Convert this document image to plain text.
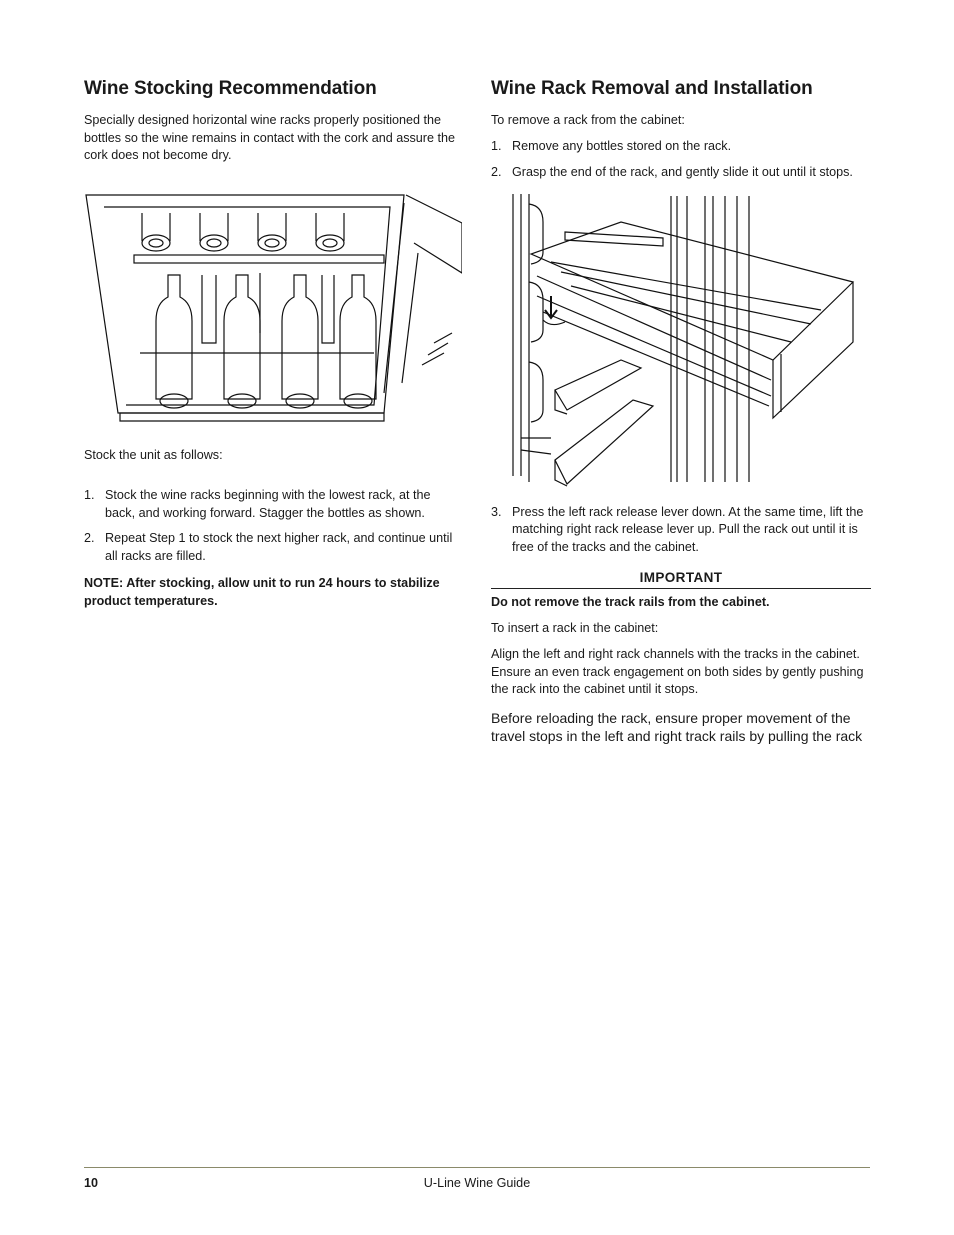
Wine Stocking Recommendation

Specially designed horizontal wine racks properly positioned the bottles so the wine remains in contact with the cork and assure the cork does not become dry.

Stock the unit as follows:

1. Stock the wine racks beginning with the lowest rack, at the back, and working forward. Stagger the bottles as shown.
2. Repeat Step 1 to stock the next higher rack, and continue until all racks are filled.

NOTE: After stocking, allow unit to run 24 hours to stabilize product temperatures.

Wine Rack Removal and Installation

To remove a rack from the cabinet:

1. Remove any bottles stored on the rack.
2. Grasp the end of the rack, and gently slide it out until it stops.
3. Press the left rack release lever down. At the same time, lift the matching right rack release lever up. Pull the rack out until it is free of the tracks and the cabinet.
IMPORTANT

Do not remove the track rails from the cabinet.

To insert a rack in the cabinet:

Align the left and right rack channels with the tracks in the cabinet. Ensure an even track engagement on both sides by gently pushing the rack into the cabinet until it stops.

Before reloading the rack, ensure proper movement of the travel stops in the left and right track rails by pulling the rack

10	U-Line Wine Guide
